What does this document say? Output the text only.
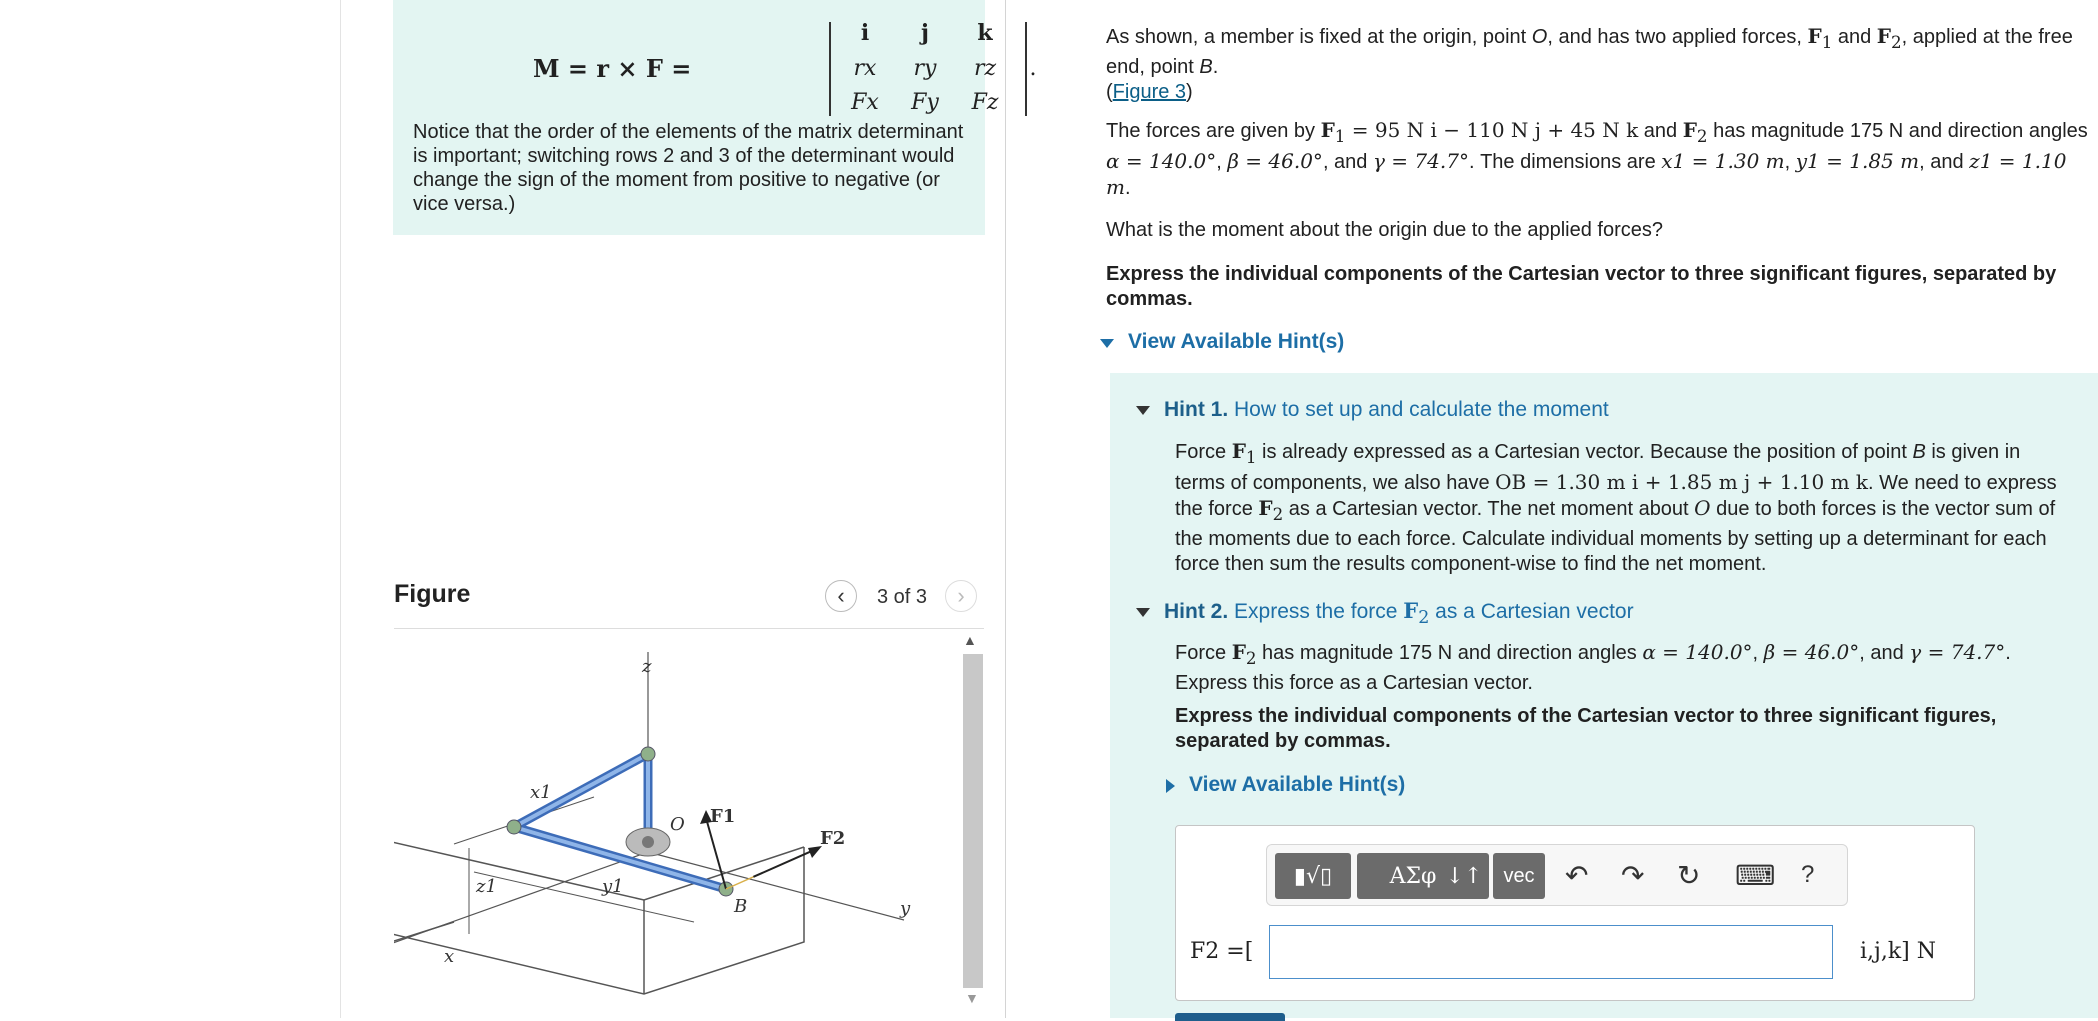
M = r × F =
i	j	k
rx	ry	rz
Fx Fy Fz
.
Notice that the order of the elements of the matrix determinant is important; switching rows 2 and 3 of the determinant would change the sign of the moment from positive to negative (or vice versa.)
Figure	‹	3 of 3	›
z
x1
O F1
F2
z1	y1
B	y
x
▲
▼

As shown, a member is fixed at the origin, point O, and has two applied forces, $F_1$ and $F_2$, applied at the free end, point B.

(Figure 3)

The forces are given by $F_1 = 95$ N i − 110 N j + 45 N k and $F_2$ has magnitude 175 N and direction angles α = 140.0°, β = 46.0°, and γ = 74.7°. The dimensions are x1 = 1.30 m, y1 = 1.85 m, and z1 = 1.10 m.

What is the moment about the origin due to the applied forces?
Express the individual components of the Cartesian vector to three significant figures, separated by commas.
View Available Hint(s)
Hint 1. How to set up and calculate the moment
Force $F_1$ is already expressed as a Cartesian vector. Because the position of point B is given in terms of components, we also have OB = 1.30 m i + 1.85 m j + 1.10 m k. We need to express the force $F_2$ as a Cartesian vector. The net moment about O due to both forces is the vector sum of the moments due to each force. Calculate individual moments by setting up a determinant for each force then sum the results component-wise to find the net moment.
Hint 2. Express the force $F_2$ as a Cartesian vector
Force $F_2$ has magnitude 175 N and direction angles α = 140.0°, β = 46.0°, and γ = 74.7°.
Express this force as a Cartesian vector.
Express the individual components of the Cartesian vector to three significant figures, separated by commas.
View Available Hint(s)
▮√▯	ΑΣφ ↓↑	vec	↶ ↷ ↻ ⌨ ?
F2 =[	i,j,k] N
